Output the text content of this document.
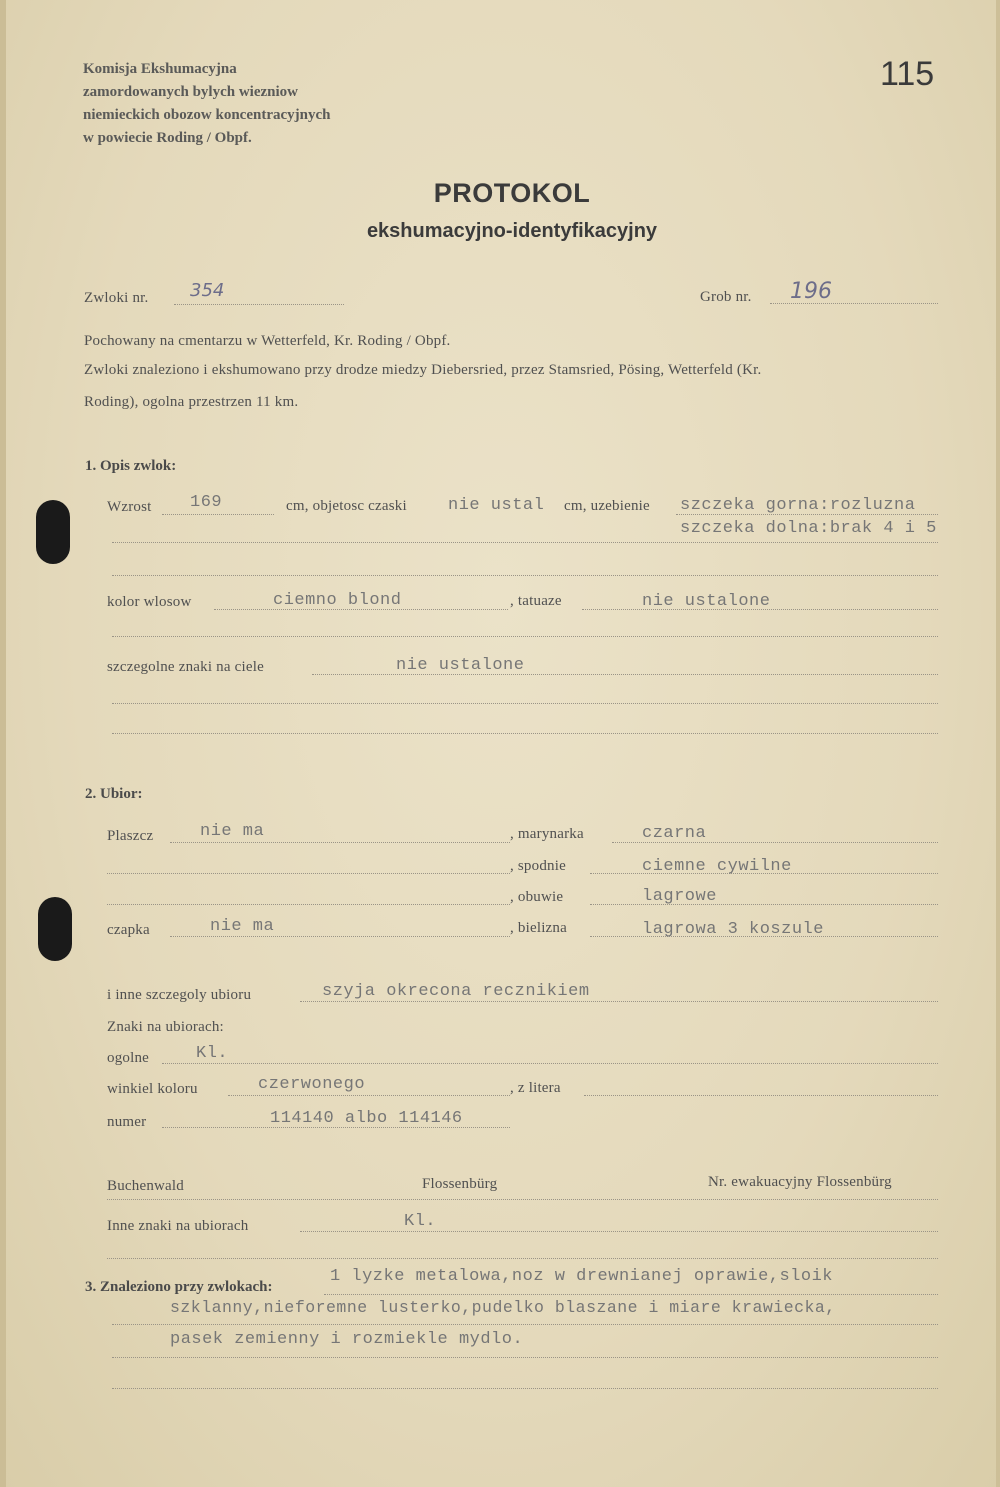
115
Komisja Ekshumacyjna
zamordowanych bylych wiezniow
niemieckich obozow koncentracyjnych
w powiecie Roding / Obpf.
PROTOKOL
ekshumacyjno-identyfikacyjny
Zwloki nr. 354	Grob nr. 196
Pochowany na cmentarzu w Wetterfeld, Kr. Roding / Obpf.
Zwloki znaleziono i ekshumowano przy drodze miedzy Diebersried, przez Stamsried, Pösing, Wetterfeld (Kr.
Roding), ogolna przestrzen 11 km.
1. Opis zwlok:
Wzrost 169	cm, objetosc czaski nie ustal cm, uzebienie szczeka gorna:rozluzna
szczeka dolna:brak 4 i 5
kolor wlosow	ciemno blond	, tatuaze	nie ustalone
szczegolne znaki na ciele	nie ustalone
2. Ubior:
Plaszcz	nie ma	, marynarka	czarna
, spodnie	ciemne cywilne
, obuwie	lagrowe
czapka	nie ma	, bielizna	lagrowa 3 koszule
i inne szczegoly ubioru	szyja okrecona recznikiem
Znaki na ubiorach:
ogolne	Kl.
winkiel koloru	czerwonego	, z litera
numer	114140 albo 114146
Buchenwald	Flossenbürg	Nr. ewakuacyjny Flossenbürg
Inne znaki na ubiorach	Kl.
3. Znaleziono przy zwlokach:
1 lyzke metalowa,noz w drewnianej oprawie,sloik
szklanny,nieforemne lusterko,pudelko blaszane i miare krawiecka,
pasek zemienny i rozmiekle mydlo.
